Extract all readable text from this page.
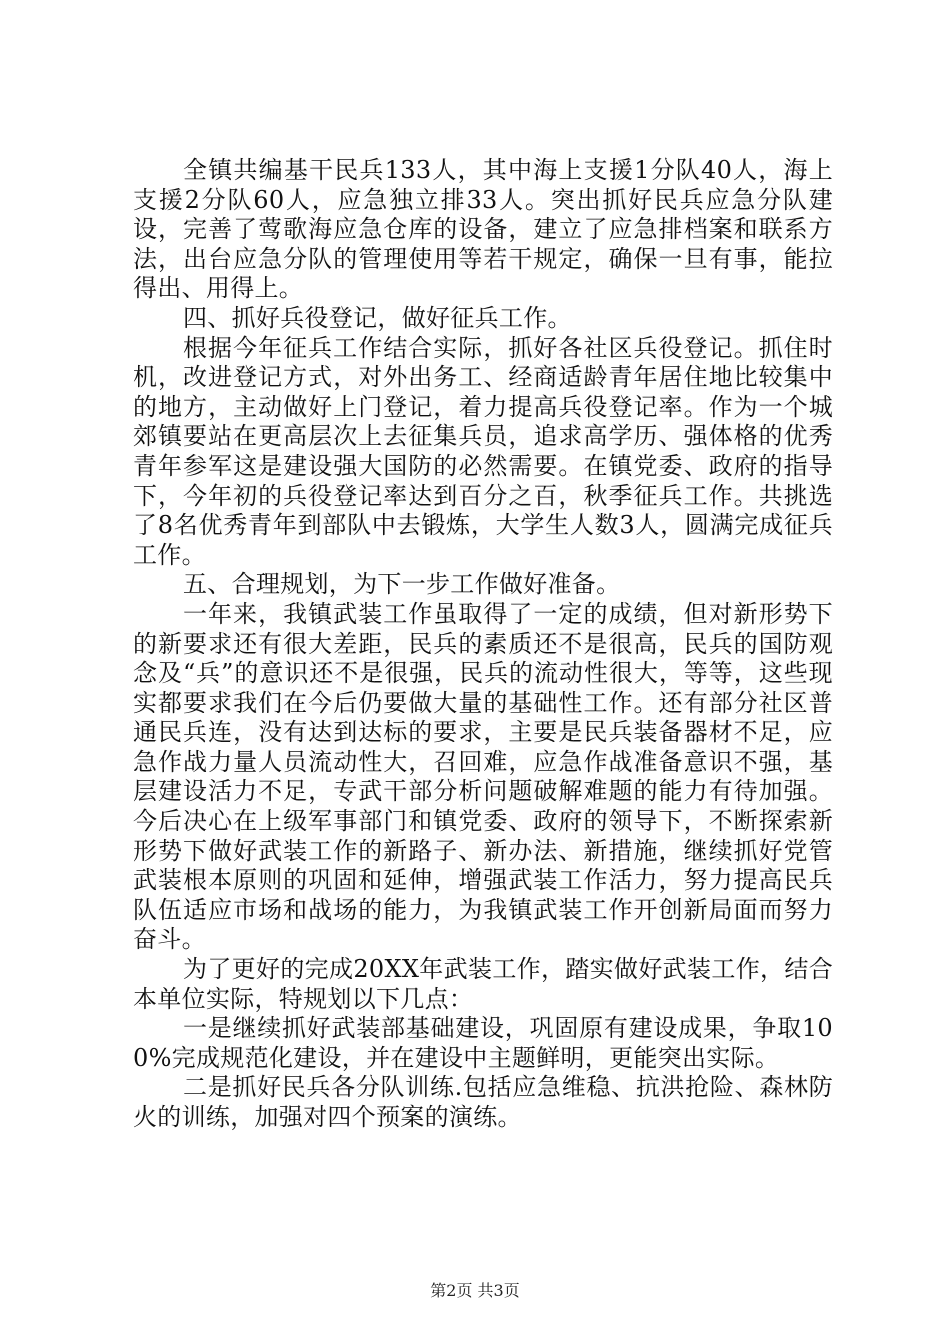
全镇共编基干民兵133人，其中海上支援1分队40人，海上支援2分队60人，应急独立排33人。突出抓好民兵应急分队建设，完善了莺歌海应急仓库的设备，建立了应急排档案和联系方法，出台应急分队的管理使用等若干规定，确保一旦有事，能拉得出、用得上。

四、抓好兵役登记，做好征兵工作。

根据今年征兵工作结合实际，抓好各社区兵役登记。抓住时机，改进登记方式，对外出务工、经商适龄青年居住地比较集中的地方，主动做好上门登记，着力提高兵役登记率。作为一个城郊镇要站在更高层次上去征集兵员，追求高学历、强体格的优秀青年参军这是建设强大国防的必然需要。在镇党委、政府的指导下，今年初的兵役登记率达到百分之百，秋季征兵工作。共挑选了8名优秀青年到部队中去锻炼，大学生人数3人，圆满完成征兵工作。

五、合理规划，为下一步工作做好准备。

一年来，我镇武装工作虽取得了一定的成绩，但对新形势下的新要求还有很大差距，民兵的素质还不是很高，民兵的国防观念及“兵”的意识还不是很强，民兵的流动性很大，等等，这些现实都要求我们在今后仍要做大量的基础性工作。还有部分社区普通民兵连，没有达到达标的要求，主要是民兵装备器材不足，应急作战力量人员流动性大，召回难，应急作战准备意识不强，基层建设活力不足，专武干部分析问题破解难题的能力有待加强。今后决心在上级军事部门和镇党委、政府的领导下，不断探索新形势下做好武装工作的新路子、新办法、新措施，继续抓好党管武装根本原则的巩固和延伸，增强武装工作活力，努力提高民兵队伍适应市场和战场的能力，为我镇武装工作开创新局面而努力奋斗。

为了更好的完成20XX年武装工作，踏实做好武装工作，结合本单位实际，特规划以下几点：

一是继续抓好武装部基础建设，巩固原有建设成果，争取100%完成规范化建设，并在建设中主题鲜明，更能突出实际。

二是抓好民兵各分队训练.包括应急维稳、抗洪抢险、森林防火的训练，加强对四个预案的演练。

第2页 共3页
